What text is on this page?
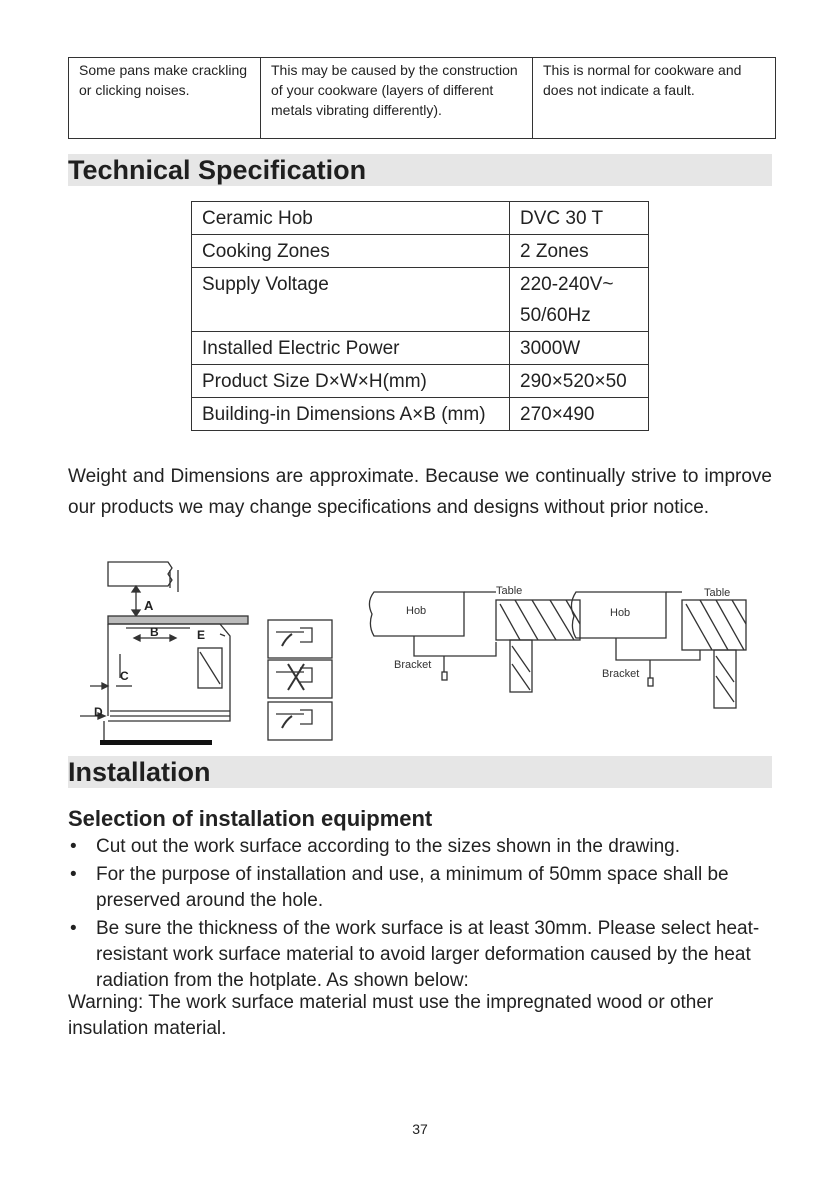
Some pans make crackling or clicking noises.	This may be caused by the construction of your cookware (layers of different metals vibrating differently).	This is normal for cookware and does not indicate a fault.
Technical Specification
Ceramic Hob	DVC 30 T
Cooking Zones	2 Zones
Supply Voltage	220-240V~ 50/60Hz
Installed Electric Power	3000W
Product Size D×W×H(mm)	290×520×50
Building-in Dimensions A×B (mm)	270×490
Weight and Dimensions are approximate. Because we continually strive to improve our products we may change specifications and designs without prior notice.
A
B
C
D
E
Hob
Table
Bracket
Hob
Table
Bracket
Installation
Selection of installation equipment
• Cut out the work surface according to the sizes shown in the drawing.
• For the purpose of installation and use, a minimum of 50mm space shall be preserved around the hole.
• Be sure the thickness of the work surface is at least 30mm. Please select heat-resistant work surface material to avoid larger deformation caused by the heat radiation from the hotplate. As shown below:
Warning: The work surface material must use the impregnated wood or other insulation material.
37
